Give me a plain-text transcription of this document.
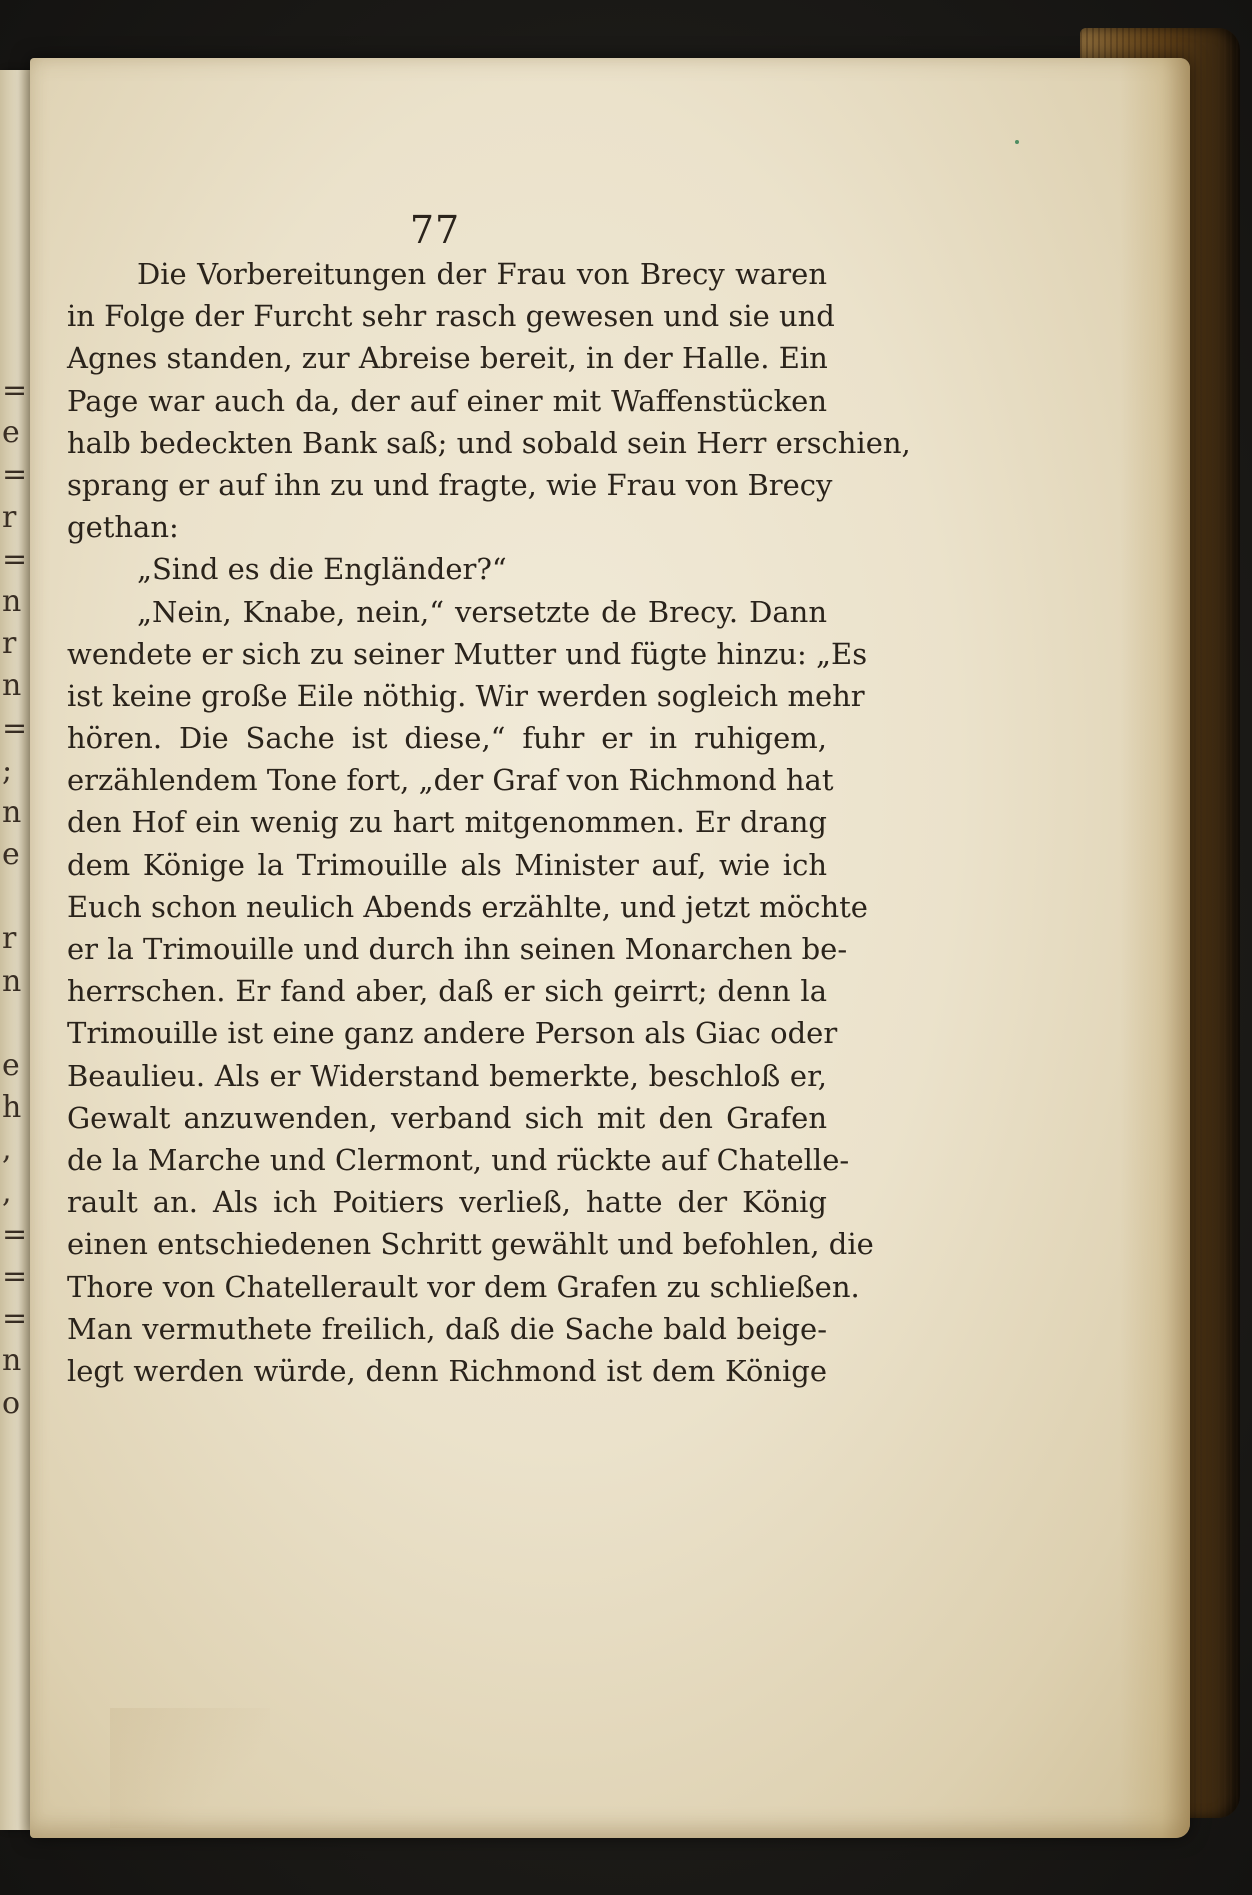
=
e
=
r
=
n
r
n
=
;
n
e
r
n
e
h
,
,
=
=
=
n
o
77
Die Vorbereitungen der Frau von Brecy waren
in Folge der Furcht sehr rasch gewesen und sie und
Agnes standen, zur Abreise bereit, in der Halle. Ein
Page war auch da, der auf einer mit Waffenstücken
halb bedeckten Bank saß; und sobald sein Herr erschien,
sprang er auf ihn zu und fragte, wie Frau von Brecy
gethan:
„Sind es die Engländer?“
„Nein, Knabe, nein,“ versetzte de Brecy. Dann
wendete er sich zu seiner Mutter und fügte hinzu: „Es
ist keine große Eile nöthig. Wir werden sogleich mehr
hören. Die Sache ist diese,“ fuhr er in ruhigem,
erzählendem Tone fort, „der Graf von Richmond hat
den Hof ein wenig zu hart mitgenommen. Er drang
dem Könige la Trimouille als Minister auf, wie ich
Euch schon neulich Abends erzählte, und jetzt möchte
er la Trimouille und durch ihn seinen Monarchen be-
herrschen. Er fand aber, daß er sich geirrt; denn la
Trimouille ist eine ganz andere Person als Giac oder
Beaulieu. Als er Widerstand bemerkte, beschloß er,
Gewalt anzuwenden, verband sich mit den Grafen
de la Marche und Clermont, und rückte auf Chatelle-
rault an. Als ich Poitiers verließ, hatte der König
einen entschiedenen Schritt gewählt und befohlen, die
Thore von Chatellerault vor dem Grafen zu schließen.
Man vermuthete freilich, daß die Sache bald beige-
legt werden würde, denn Richmond ist dem Könige
